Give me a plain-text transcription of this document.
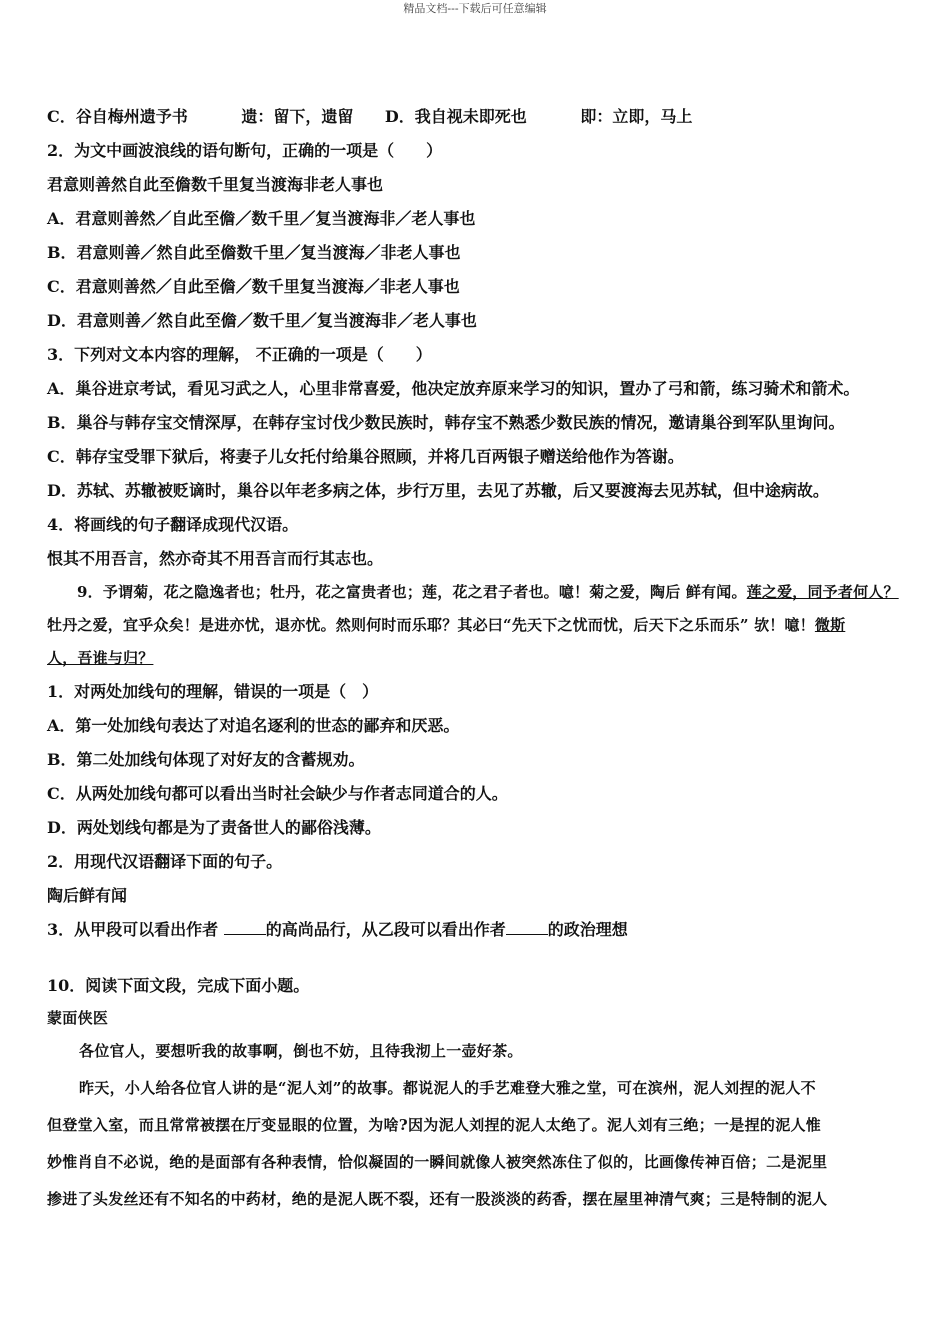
精品文档---下载后可任意编辑
C．谷自梅州遗予书	遗：留下，遗留 D．我自视未即死也	即：立即，马上
2．为文中画波浪线的语句断句，正确的一项是（　　）
君意则善然自此至儋数千里复当渡海非老人事也
A．君意则善然／自此至儋／数千里／复当渡海非／老人事也
B．君意则善／然自此至儋数千里／复当渡海／非老人事也
C．君意则善然／自此至儋／数千里复当渡海／非老人事也
D．君意则善／然自此至儋／数千里／复当渡海非／老人事也
3．下列对文本内容的理解， 不正确的一项是（　　）
A．巢谷进京考试，看见习武之人，心里非常喜爱，他决定放弃原来学习的知识，置办了弓和箭，练习骑术和箭术。
B．巢谷与韩存宝交情深厚，在韩存宝讨伐少数民族时，韩存宝不熟悉少数民族的情况，邀请巢谷到军队里询问。
C．韩存宝受罪下狱后，将妻子儿女托付给巢谷照顾，并将几百两银子赠送给他作为答谢。
D．苏轼、苏辙被贬谪时，巢谷以年老多病之体，步行万里，去见了苏辙，后又要渡海去见苏轼，但中途病故。
4．将画线的句子翻译成现代汉语。
恨其不用吾言，然亦奇其不用吾言而行其志也。
9．予谓菊，花之隐逸者也；牡丹，花之富贵者也；莲，花之君子者也。噫！菊之爱，陶后 鲜有闻。莲之爱，同予者何人？
牡丹之爱，宜乎众矣！是进亦忧，退亦忧。然则何时而乐耶？其必曰“先天下之忧而忧，后天下之乐而乐” 欤！噫！微斯
人，吾谁与归？
1．对两处加线句的理解，错误的一项是（　）
A．第一处加线句表达了对追名逐利的世态的鄙弃和厌恶。
B．第二处加线句体现了对好友的含蓄规劝。
C．从两处加线句都可以看出当时社会缺少与作者志同道合的人。
D．两处划线句都是为了责备世人的鄙俗浅薄。
2．用现代汉语翻译下面的句子。
陶后鲜有闻
3．从甲段可以看出作者	的高尚品行，从乙段可以看出作者	的政治理想
10．阅读下面文段，完成下面小题。
蒙面侠医
各位官人，要想听我的故事啊，倒也不妨，且待我沏上一壶好茶。
昨天，小人给各位官人讲的是“泥人刘”的故事。都说泥人的手艺难登大雅之堂，可在滨州，泥人刘捏的泥人不
但登堂入室，而且常常被摆在厅变显眼的位置，为啥?因为泥人刘捏的泥人太绝了。泥人刘有三绝；一是捏的泥人惟
妙惟肖自不必说，绝的是面部有各种表情，恰似凝固的一瞬间就像人被突然冻住了似的，比画像传神百倍；二是泥里
掺进了头发丝还有不知名的中药材，绝的是泥人既不裂，还有一股淡淡的药香，摆在屋里神清气爽；三是特制的泥人
